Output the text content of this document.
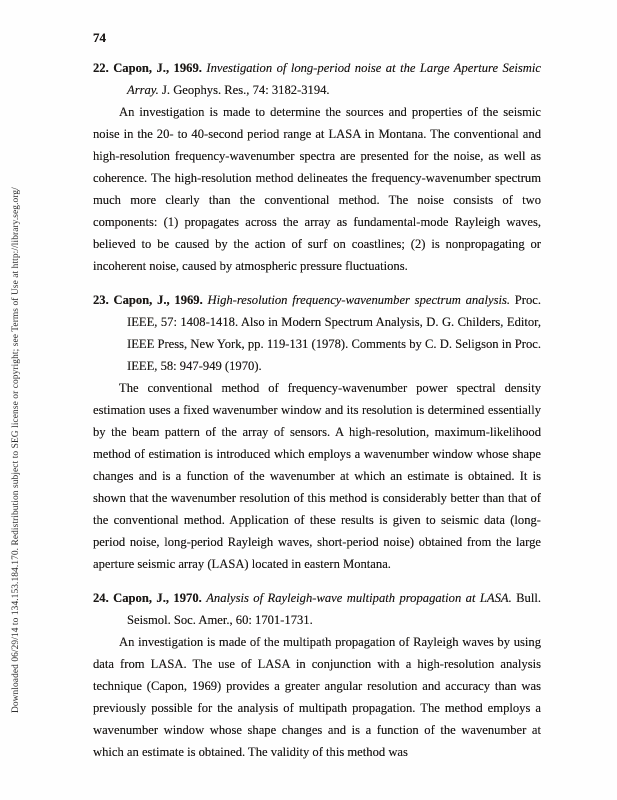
Downloaded 06/29/14 to 134.153.184.170. Redistribution subject to SEG license or copyright; see Terms of Use at http://library.seg.org/
74

22. Capon, J., 1969. Investigation of long-period noise at the Large Aperture Seismic Array. J. Geophys. Res., 74: 3182-3194.

An investigation is made to determine the sources and properties of the seismic noise in the 20- to 40-second period range at LASA in Montana. The conventional and high-resolution frequency-wavenumber spectra are presented for the noise, as well as coherence. The high-resolution method delineates the frequency-wavenumber spectrum much more clearly than the conventional method. The noise consists of two components: (1) propagates across the array as fundamental-mode Rayleigh waves, believed to be caused by the action of surf on coastlines; (2) is nonpropagating or incoherent noise, caused by atmospheric pressure fluctuations.

23. Capon, J., 1969. High-resolution frequency-wavenumber spectrum analysis. Proc. IEEE, 57: 1408-1418. Also in Modern Spectrum Analysis, D. G. Childers, Editor, IEEE Press, New York, pp. 119-131 (1978). Comments by C. D. Seligson in Proc. IEEE, 58: 947-949 (1970).

The conventional method of frequency-wavenumber power spectral density estimation uses a fixed wavenumber window and its resolution is determined essentially by the beam pattern of the array of sensors. A high-resolution, maximum-likelihood method of estimation is introduced which employs a wavenumber window whose shape changes and is a function of the wavenumber at which an estimate is obtained. It is shown that the wavenumber resolution of this method is considerably better than that of the conventional method. Application of these results is given to seismic data (long-period noise, long-period Rayleigh waves, short-period noise) obtained from the large aperture seismic array (LASA) located in eastern Montana.

24. Capon, J., 1970. Analysis of Rayleigh-wave multipath propagation at LASA. Bull. Seismol. Soc. Amer., 60: 1701-1731.

An investigation is made of the multipath propagation of Rayleigh waves by using data from LASA. The use of LASA in conjunction with a high-resolution analysis technique (Capon, 1969) provides a greater angular resolution and accuracy than was previously possible for the analysis of multipath propagation. The method employs a wavenumber window whose shape changes and is a function of the wavenumber at which an estimate is obtained. The validity of this method was
